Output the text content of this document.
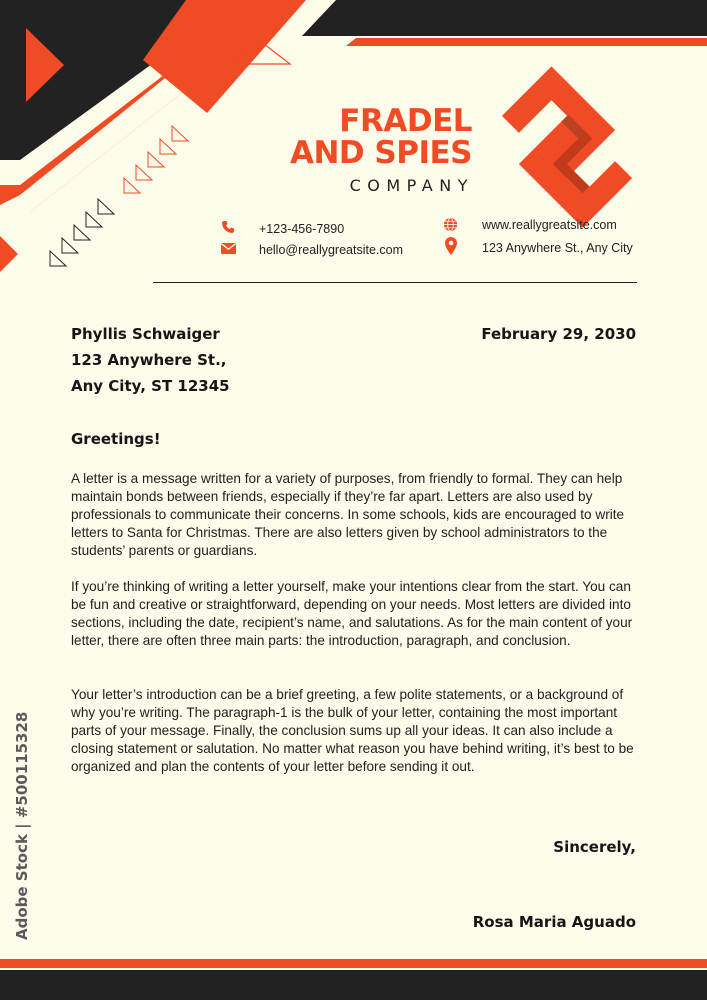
FRADEL
AND SPIES
COMPANY
+123-456-7890
hello@reallygreatsite.com
www.reallygreatsite.com
123 Anywhere St., Any City
Phyllis Schwaiger
123 Anywhere St.,
Any City, ST 12345
February 29, 2030
Greetings!

A letter is a message written for a variety of purposes, from friendly to formal. They can help maintain bonds between friends, especially if they’re far apart. Letters are also used by professionals to communicate their concerns. In some schools, kids are encouraged to write letters to Santa for Christmas. There are also letters given by school administrators to the students’ parents or guardians.

If you’re thinking of writing a letter yourself, make your intentions clear from the start. You can be fun and creative or straightforward, depending on your needs. Most letters are divided into sections, including the date, recipient’s name, and salutations. As for the main content of your letter, there are often three main parts: the introduction, paragraph, and conclusion.

Your letter’s introduction can be a brief greeting, a few polite statements, or a background of why you’re writing. The paragraph-1 is the bulk of your letter, containing the most important parts of your message. Finally, the conclusion sums up all your ideas. It can also include a closing statement or salutation. No matter what reason you have behind writing, it’s best to be organized and plan the contents of your letter before sending it out.

Sincerely,
Rosa Maria Aguado
Adobe Stock | #500115328
